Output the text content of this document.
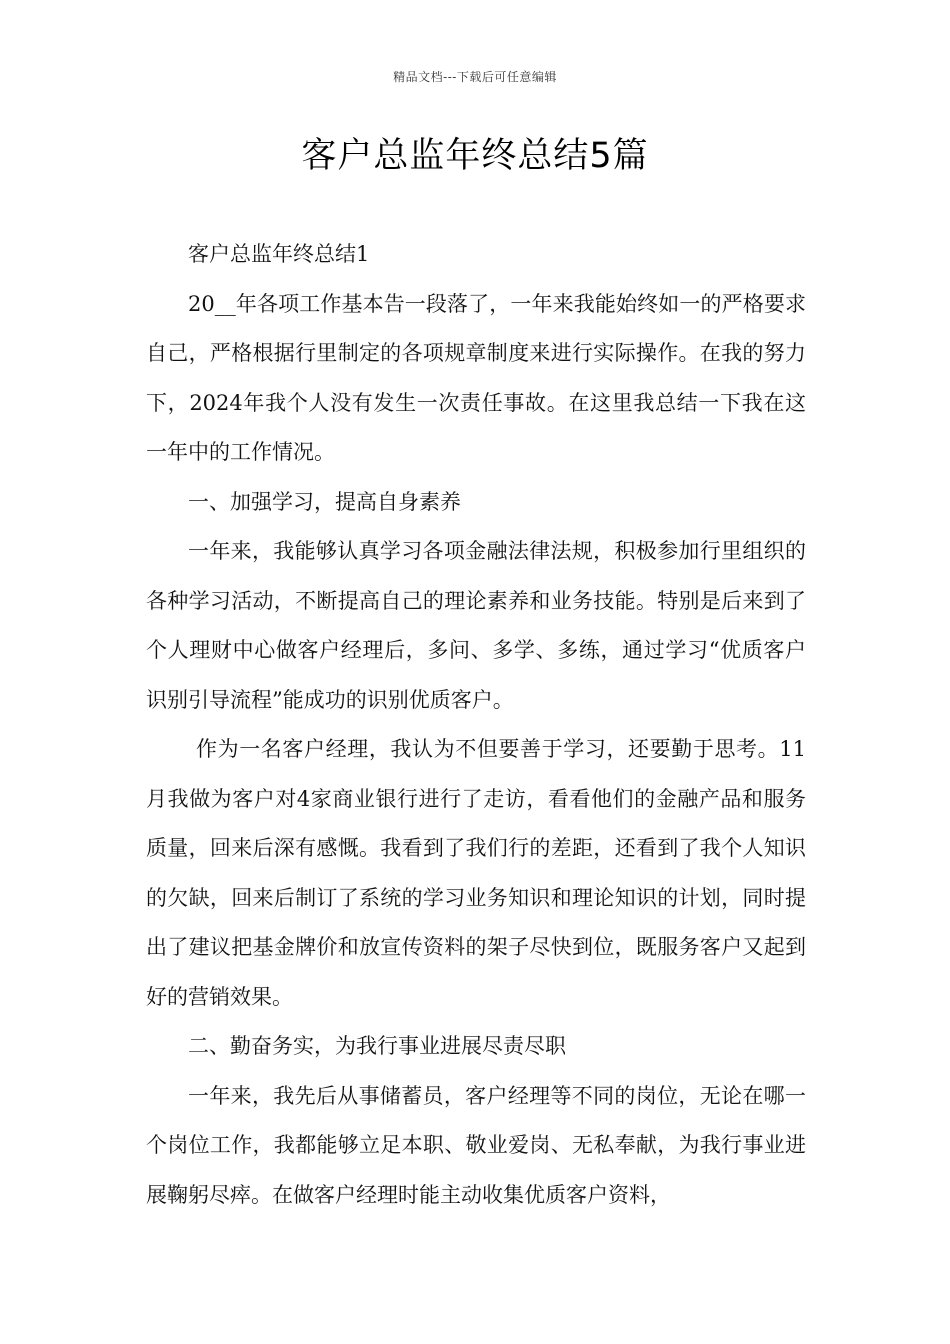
精品文档---下载后可任意编辑
客户总监年终总结5篇

客户总监年终总结1

20__年各项工作基本告一段落了，一年来我能始终如一的严格要求自己，严格根据行里制定的各项规章制度来进行实际操作。在我的努力下，2024年我个人没有发生一次责任事故。在这里我总结一下我在这一年中的工作情况。

一、加强学习，提高自身素养

一年来，我能够认真学习各项金融法律法规，积极参加行里组织的各种学习活动，不断提高自己的理论素养和业务技能。特别是后来到了个人理财中心做客户经理后，多问、多学、多练，通过学习“优质客户识别引导流程”能成功的识别优质客户。

作为一名客户经理，我认为不但要善于学习，还要勤于思考。11月我做为客户对4家商业银行进行了走访，看看他们的金融产品和服务质量，回来后深有感慨。我看到了我们行的差距，还看到了我个人知识的欠缺，回来后制订了系统的学习业务知识和理论知识的计划，同时提出了建议把基金牌价和放宣传资料的架子尽快到位，既服务客户又起到好的营销效果。

二、勤奋务实，为我行事业进展尽责尽职

一年来，我先后从事储蓄员，客户经理等不同的岗位，无论在哪一个岗位工作，我都能够立足本职、敬业爱岗、无私奉献，为我行事业进展鞠躬尽瘁。在做客户经理时能主动收集优质客户资料，
